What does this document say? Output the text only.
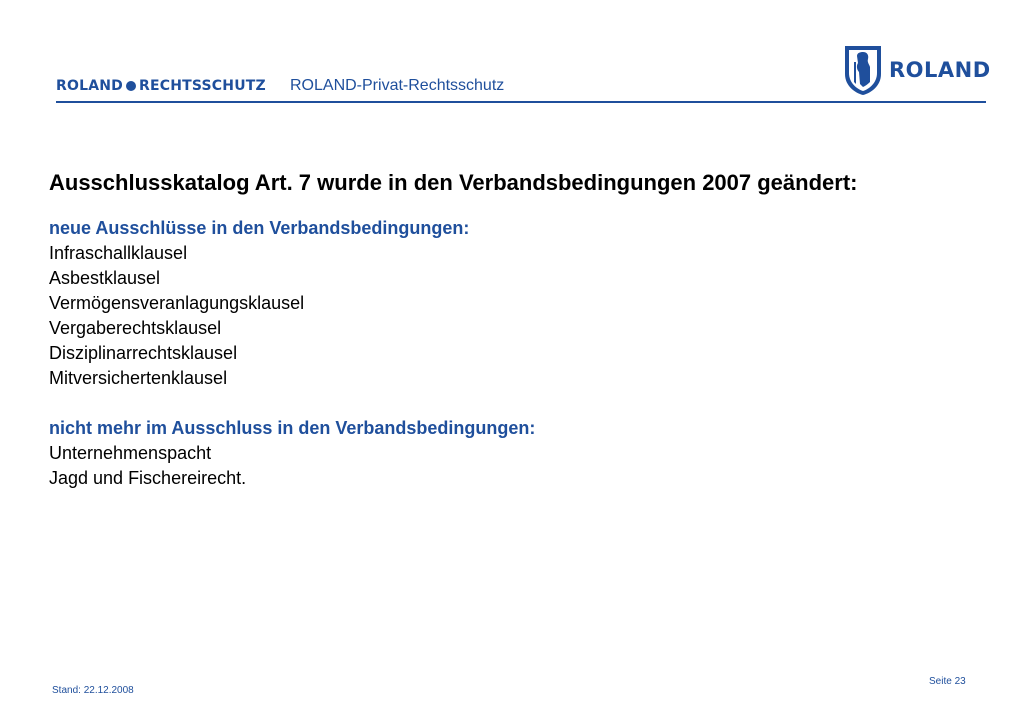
ROLAND RECHTSSCHUTZ ROLAND-Privat-Rechtsschutz
ROLAND
Ausschlusskatalog Art. 7 wurde in den Verbandsbedingungen 2007 geändert:

neue Ausschlüsse in den Verbandsbedingungen:

Infraschallklausel

Asbestklausel

Vermögensveranlagungsklausel

Vergaberechtsklausel

Disziplinarrechtsklausel

Mitversichertenklausel

nicht mehr im Ausschluss in den Verbandsbedingungen:

Unternehmenspacht

Jagd und Fischereirecht.

Stand: 22.12.2008
Seite 23
